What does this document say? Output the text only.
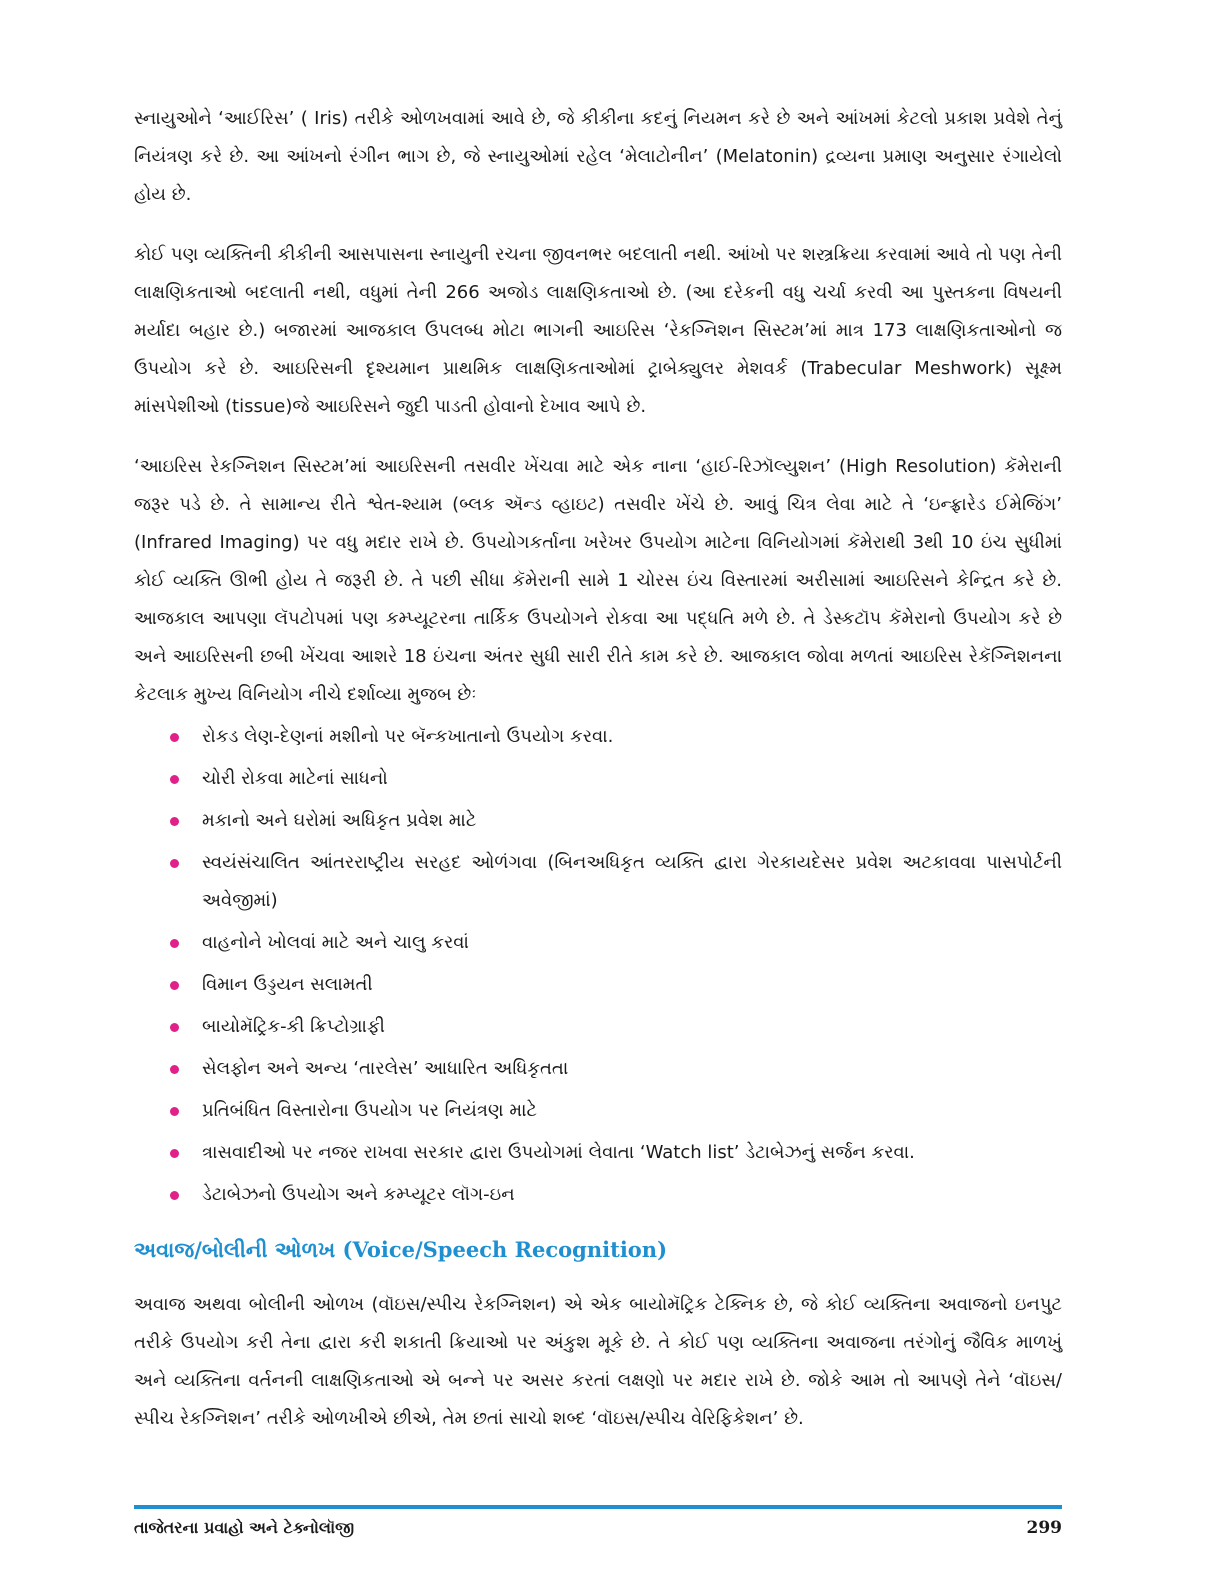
સ્નાયુઓને ‘આઈરિસ’ ( Iris) તરીકે ઓળખવામાં આવે છે, જે કીકીના કદનું નિયમન કરે છે અને આંખમાં કેટલો પ્રકાશ પ્રવેશે તેનું નિયંત્રણ કરે છે. આ આંખનો રંગીન ભાગ છે, જે સ્નાયુઓમાં રહેલ ‘મેલાટોનીન’ (Melatonin) દ્રવ્યના પ્રમાણ અનુસાર રંગાયેલો હોય છે.

કોઈ પણ વ્યક્તિની કીકીની આસપાસના સ્નાયુની રચના જીવનભર બદલાતી નથી. આંખો પર શસ્ત્રક્રિયા કરવામાં આવે તો પણ તેની લાક્ષણિકતાઓ બદલાતી નથી, વધુમાં તેની 266 અજોડ લાક્ષણિકતાઓ છે. (આ દરેકની વધુ ચર્ચા કરવી આ પુસ્તકના વિષયની મર્યાદા બહાર છે.) બજારમાં આજકાલ ઉપલબ્ધ મોટા ભાગની આઇરિસ ‘રેકગ્નિશન સિસ્ટમ’માં માત્ર 173 લાક્ષણિકતાઓનો જ ઉપયોગ કરે છે. આઇરિસની દૃશ્યમાન પ્રાથમિક લાક્ષણિકતાઓમાં ટ્રાબેક્યુલર મેશવર્ક (Trabecular Meshwork) સૂક્ષ્મ માંસપેશીઓ (tissue)જે આઇરિસને જુદી પાડતી હોવાનો દેખાવ આપે છે.

‘આઇરિસ રેકગ્નિશન સિસ્ટમ’માં આઇરિસની તસવીર ખેંચવા માટે એક નાના ‘હાઈ-રિઝૉલ્યુશન’ (High Resolution) કૅમેરાની જરૂર પડે છે. તે સામાન્ય રીતે શ્વેત-શ્યામ (બ્લક ઍન્ડ વ્હાઇટ) તસવીર ખેંચે છે. આવું ચિત્ર લેવા માટે તે ‘ઇન્ફ્રારેડ ઈમેજિંગ’ (Infrared Imaging) પર વધુ મદાર રાખે છે. ઉપયોગકર્તાના ખરેખર ઉપયોગ માટેના વિનિયોગમાં કૅમેરાથી 3થી 10 ઇંચ સુધીમાં કોઈ વ્યક્તિ ઊભી હોય તે જરૂરી છે. તે પછી સીધા કૅમેરાની સામે 1 ચોરસ ઇંચ વિસ્તારમાં અરીસામાં આઇરિસને કેન્દ્રિત કરે છે. આજકાલ આપણા લૅપટોપમાં પણ કમ્પ્યૂટરના તાર્કિક ઉપયોગને રોકવા આ પદ્ધતિ મળે છે. તે ડેસ્કટૉપ કૅમેરાનો ઉપયોગ કરે છે અને આઇરિસની છબી ખેંચવા આશરે 18 ઇંચના અંતર સુધી સારી રીતે કામ કરે છે. આજકાલ જોવા મળતાં આઇરિસ રેકૅગ્નિશનના કેટલાક મુખ્ય વિનિયોગ નીચે દર્શાવ્યા મુજબ છેઃ

રોકડ લેણ-દેણનાં મશીનો પર બૅન્કખાતાનો ઉપયોગ કરવા.
ચોરી રોકવા માટેનાં સાધનો
મકાનો અને ઘરોમાં અધિકૃત પ્રવેશ માટે
સ્વયંસંચાલિત આંતરરાષ્ટ્રીય સરહદ ઓળંગવા (બિનઅધિકૃત વ્યક્તિ દ્વારા ગેરકાયદેસર પ્રવેશ અટકાવવા પાસપોર્ટની અવેજીમાં)
વાહનોને ખોલવાં માટે અને ચાલુ કરવાં
વિમાન ઉડ્ડયન સલામતી
બાયોમૅટ્રિક-કી ક્રિપ્ટોગ્રાફી
સેલફોન અને અન્ય ‘તારલેસ’ આધારિત અધિકૃતતા
પ્રતિબંધિત વિસ્તારોના ઉપયોગ પર નિયંત્રણ માટે
ત્રાસવાદીઓ પર નજર રાખવા સરકાર દ્વારા ઉપયોગમાં લેવાતા ‘Watch list’ ડેટાબેઝનું સર્જન કરવા.
ડેટાબેઝનો ઉપયોગ અને કમ્પ્યૂટર લૉગ-ઇન
અવાજ/બોલીની ઓળખ (Voice/Speech Recognition)

અવાજ અથવા બોલીની ઓળખ (વૉઇસ/સ્પીચ રેકગ્નિશન) એ એક બાયોમૅટ્રિક ટેક્નિક છે, જે કોઈ વ્યક્તિના અવાજનો ઇનપુટ તરીકે ઉપયોગ કરી તેના દ્વારા કરી શકાતી ક્રિયાઓ પર અંકુશ મૂકે છે. તે કોઈ પણ વ્યક્તિના અવાજના તરંગોનું જૈવિક માળખું અને વ્યક્તિના વર્તનની લાક્ષણિકતાઓ એ બન્ને પર અસર કરતાં લક્ષણો પર મદાર રાખે છે. જોકે આમ તો આપણે તેને ‘વૉઇસ/સ્પીચ રેકગ્નિશન’ તરીકે ઓળખીએ છીએ, તેમ છતાં સાચો શબ્દ ‘વૉઇસ/સ્પીચ વેરિફિકેશન’ છે.

તાજેતરના પ્રવાહો અને ટેક્નોલૉજી	299
